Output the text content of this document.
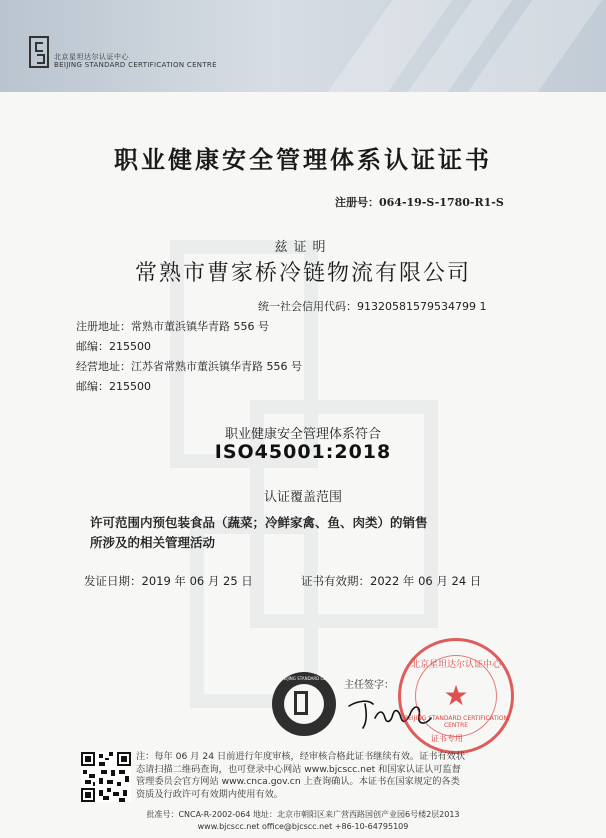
北京星坦达尔认证中心
BEIJING STANDARD CERTIFICATION CENTRE
职业健康安全管理体系认证证书
注册号：064-19-S-1780-R1-S
兹证明
常熟市曹家桥冷链物流有限公司
统一社会信用代码：91320581579534799 1
注册地址：常熟市董浜镇华青路 556 号
邮编：215500
经营地址：江苏省常熟市董浜镇华青路 556 号
邮编：215500
职业健康安全管理体系符合
ISO45001:2018
认证覆盖范围
许可范围内预包装食品（蔬菜；冷鲜家禽、鱼、肉类）的销售
所涉及的相关管理活动
发证日期：2019 年 06 月 25 日	证书有效期：2022 年 06 月 24 日
BEIJING STANDARD CERTIFICATION
主任签字：
北京星坦达尔认证中心
★
BEIJING STANDARD CERTIFICATION CENTRE
证书专用
注：每年 06 月 24 日前进行年度审核，经审核合格此证书继续有效。证书有效状态请扫描二维码查询，也可登录中心网站 www.bjcscc.net 和国家认证认可监督管理委员会官方网站 www.cnca.gov.cn 上查询确认。本证书在国家规定的各类资质及行政许可有效期内使用有效。
批准号：CNCA-R-2002-064 地址：北京市朝阳区来广营西路国创产业园6号楼2层2013
www.bjcscc.net office@bjcscc.net +86-10-64795109
